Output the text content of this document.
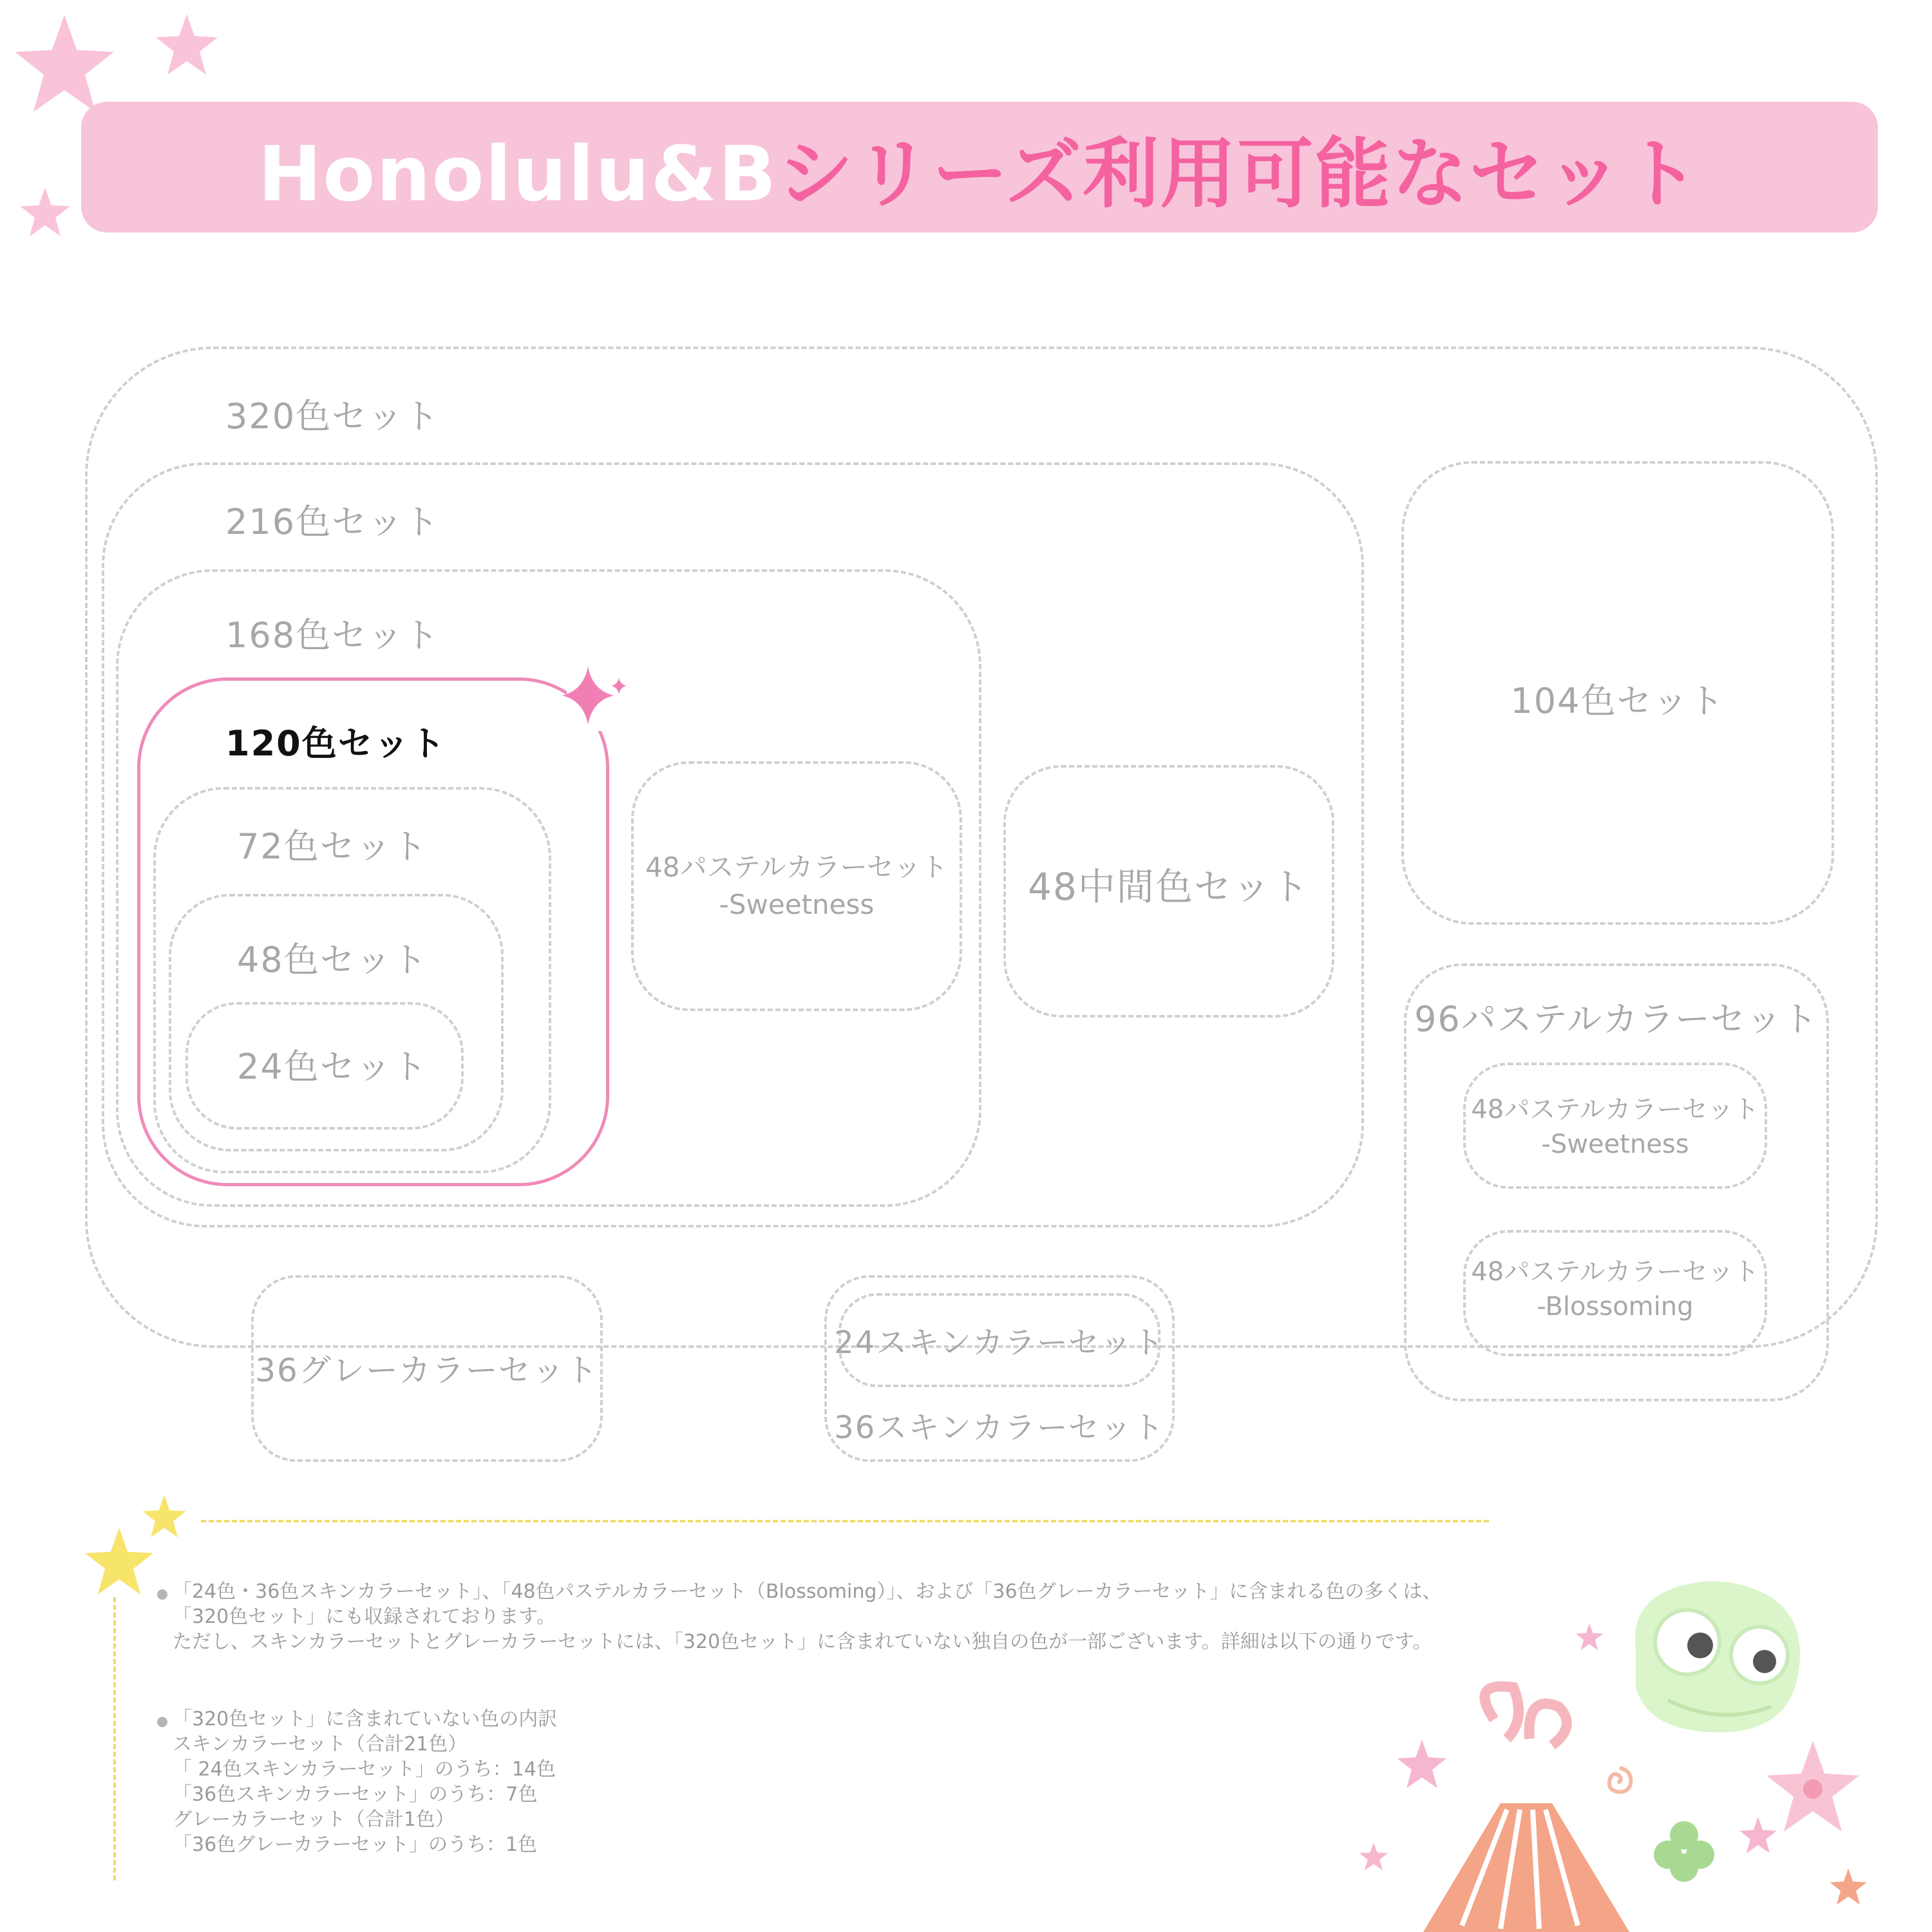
Honolulu&Bシリーズ利用可能なセット
320色セット
216色セット
168色セット
120色セット
72色セット
48色セット
24色セット
48パステルカラーセット
-Sweetness	48中間色セット
104色セット
96パステルカラーセット
48パステルカラーセット
-Sweetness
48パステルカラーセット
-Blossoming
36グレーカラーセット
24スキンカラーセット
36スキンカラーセット
「24色・36色スキンカラーセット」、「48色パステルカラーセット（Blossoming）」、および「36色グレーカラーセット」に含まれる色の多くは、
「320色セット」にも収録されております。
ただし、スキンカラーセットとグレーカラーセットには、「320色セット」に含まれていない独自の色が一部ございます。詳細は以下の通りです。
「320色セット」に含まれていない色の内訳
スキンカラーセット（合計21色）
「 24色スキンカラーセット」のうち：14色
「36色スキンカラーセット」のうち：7色
グレーカラーセット（合計1色）
「36色グレーカラーセット」のうち：1色
